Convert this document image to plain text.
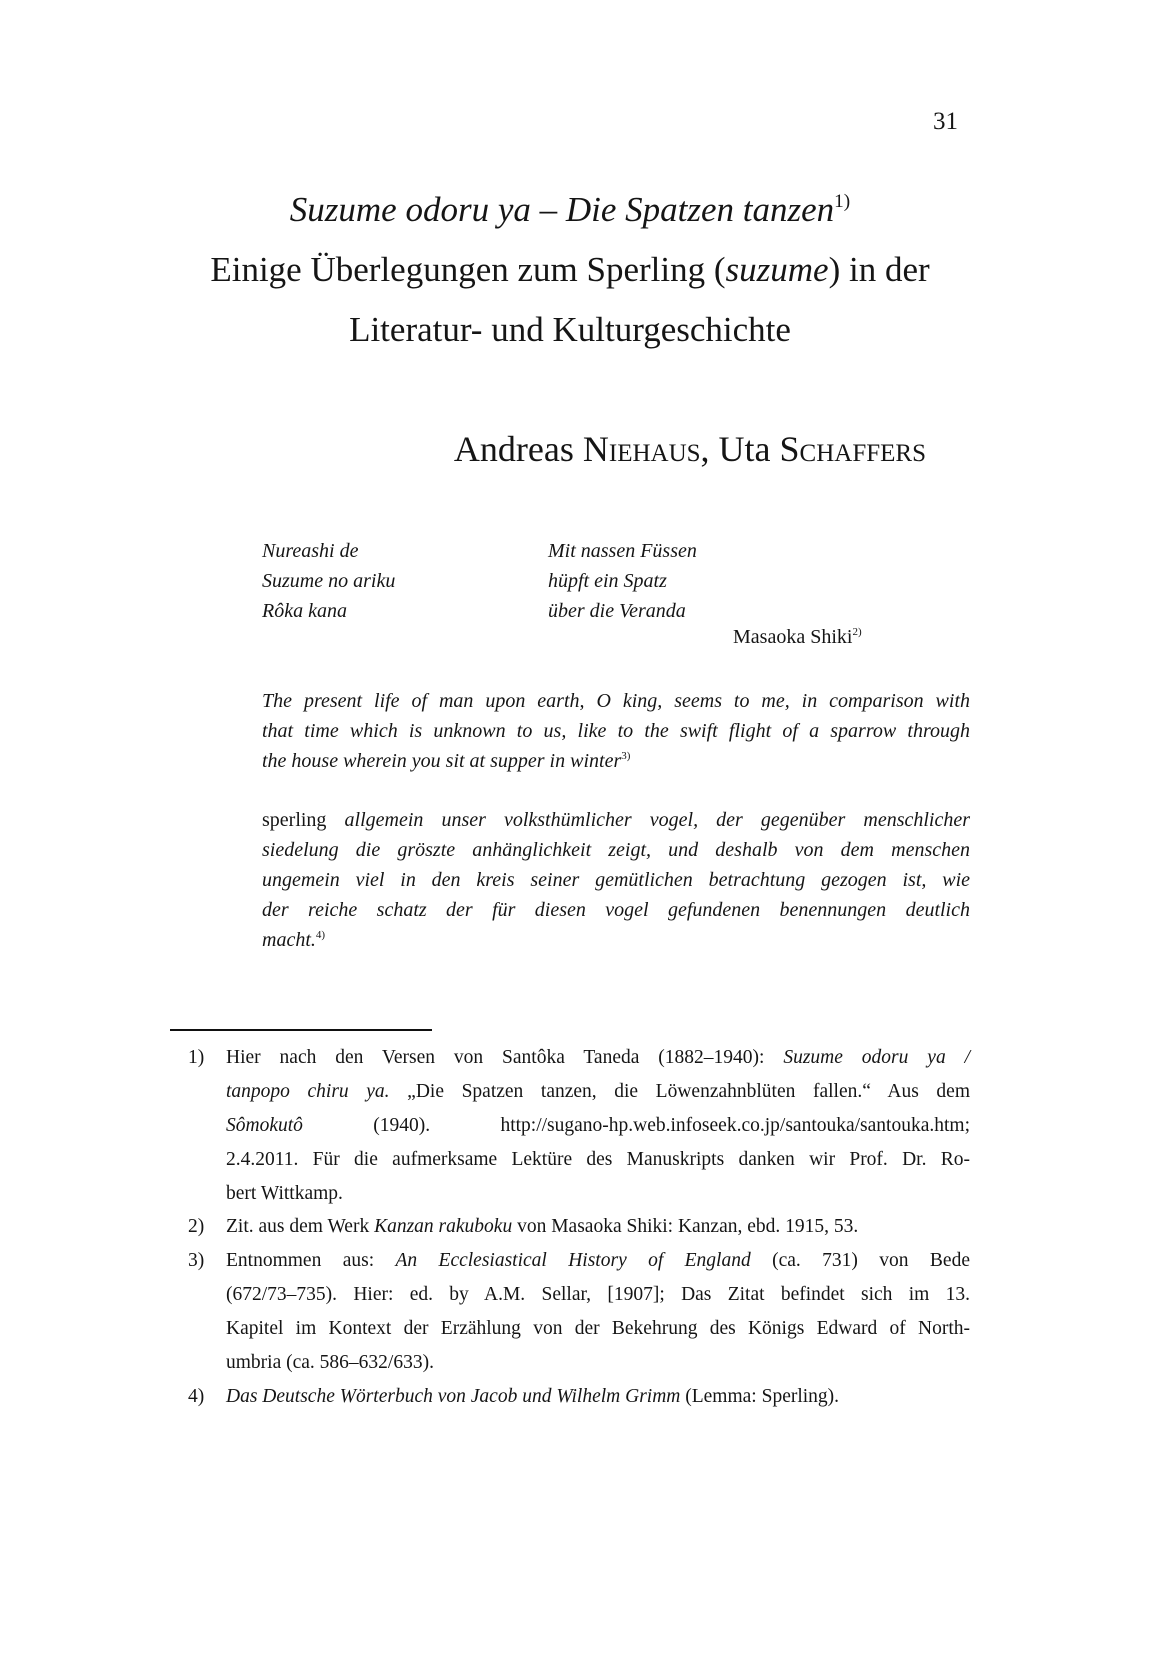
31
Suzume odoru ya – Die Spatzen tanzen$^{1)}$
Einige Überlegungen zum Sperling (suzume) in der
Literatur- und Kulturgeschichte
Andreas Niehaus, Uta Schaffers
Nureashi de
Suzume no ariku
Rôka kana
Mit nassen Füssen
hüpft ein Spatz
über die Veranda
Masaoka Shiki$^{2)}$
The present life of man upon earth, O king, seems to me, in comparison with
that time which is unknown to us, like to the swift flight of a sparrow through
the house wherein you sit at supper in winter$^{3)}$
sperling allgemein unser volksthümlicher vogel, der gegenüber menschlicher
siedelung die gröszte anhänglichkeit zeigt, und deshalb von dem menschen
ungemein viel in den kreis seiner gemütlichen betrachtung gezogen ist, wie
der reiche schatz der für diesen vogel gefundenen benennungen deutlich
macht.$^{4)}$
1) Hier nach den Versen von Santôka Taneda (1882–1940): Suzume odoru ya /
tanpopo chiru ya. „Die Spatzen tanzen, die Löwenzahnblüten fallen.“ Aus dem
Sômokutô (1940). http://sugano-hp.web.infoseek.co.jp/santouka/santouka.htm;
2.4.2011. Für die aufmerksame Lektüre des Manuskripts danken wir Prof. Dr. Ro-
bert Wittkamp.
2) Zit. aus dem Werk Kanzan rakuboku von Masaoka Shiki: Kanzan, ebd. 1915, 53.
3) Entnommen aus: An Ecclesiastical History of England (ca. 731) von Bede
(672/73–735). Hier: ed. by A.M. Sellar, [1907]; Das Zitat befindet sich im 13.
Kapitel im Kontext der Erzählung von der Bekehrung des Königs Edward of North-
umbria (ca. 586–632/633).
4) Das Deutsche Wörterbuch von Jacob und Wilhelm Grimm (Lemma: Sperling).
